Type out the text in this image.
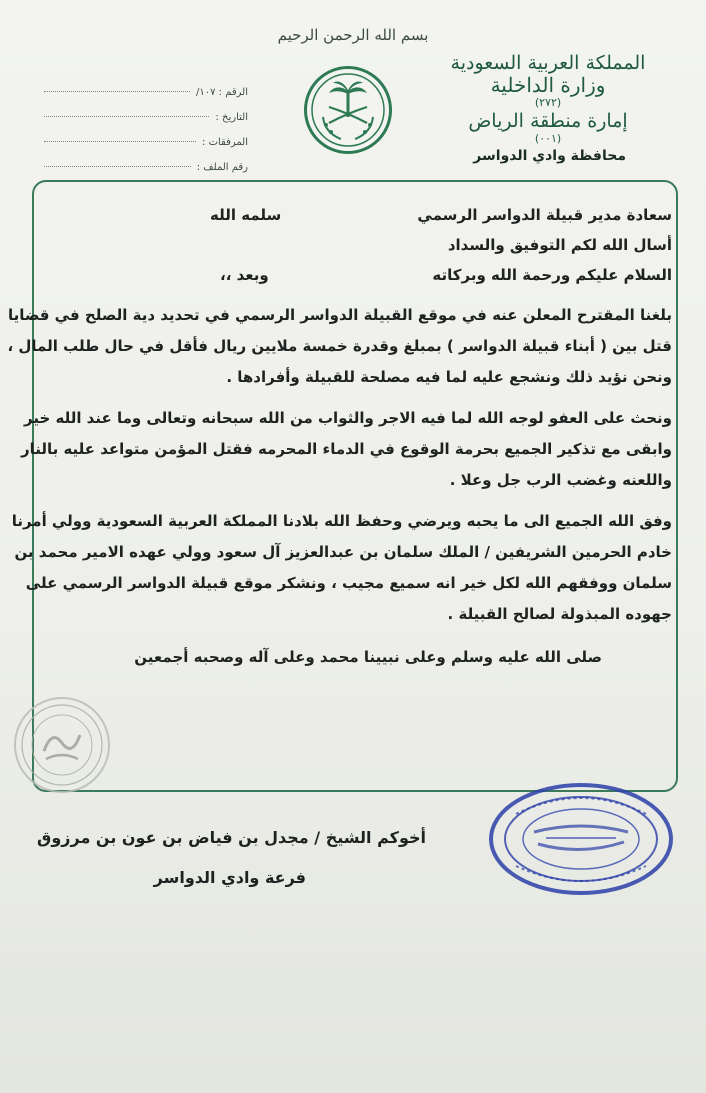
بسم الله الرحمن الرحيم
المملكة العربية السعودية
وزارة الداخلية
(٢٧٢)
إمارة منطقة الرياض
(٠٠١)
محافظة وادي الدواسر
الرقم : ١٠٧/
التاريخ :
المرفقات :
رقم الملف :
سعادة مدير قبيلة الدواسر الرسمي
سلمه الله
أسال الله لكم التوفيق والسداد
السلام عليكم ورحمة الله وبركاته
وبعد ،،
بلغنا المقترح المعلن عنه في موقع القبيلة الدواسر الرسمي في تحديد دية الصلح في قضايا
قتل بين ( أبناء قبيلة الدواسر ) بمبلغ وقدرة خمسة ملايين ريال فأقل في حال طلب المال ،
ونحن نؤيد ذلك ونشجع عليه لما فيه مصلحة للقبيلة وأفرادها .
ونحث على العفو لوجه الله لما فيه الاجر والثواب من الله سبحانه وتعالى وما عند الله خير
وابقى مع تذكير الجميع بحرمة الوقوع في الدماء المحرمه فقتل المؤمن متواعد عليه بالنار
واللعنه وغضب الرب جل وعلا .
وفق الله الجميع الى ما يحبه ويرضي وحفظ الله بلادنا المملكة العربية السعودية وولي أمرنا
خادم الحرمين الشريفين / الملك سلمان بن عبدالعزيز آل سعود وولي عهده الامير محمد بن
سلمان ووفقهم الله لكل خير انه سميع مجيب ، ونشكر موقع قبيلة الدواسر الرسمي على
جهوده المبذولة لصالح القبيلة .
صلى الله عليه وسلم وعلى نبيينا محمد وعلى آله وصحبه أجمعين
أخوكم الشيخ / مجدل بن فياض بن عون بن مرزوق
فرعة وادي الدواسر
